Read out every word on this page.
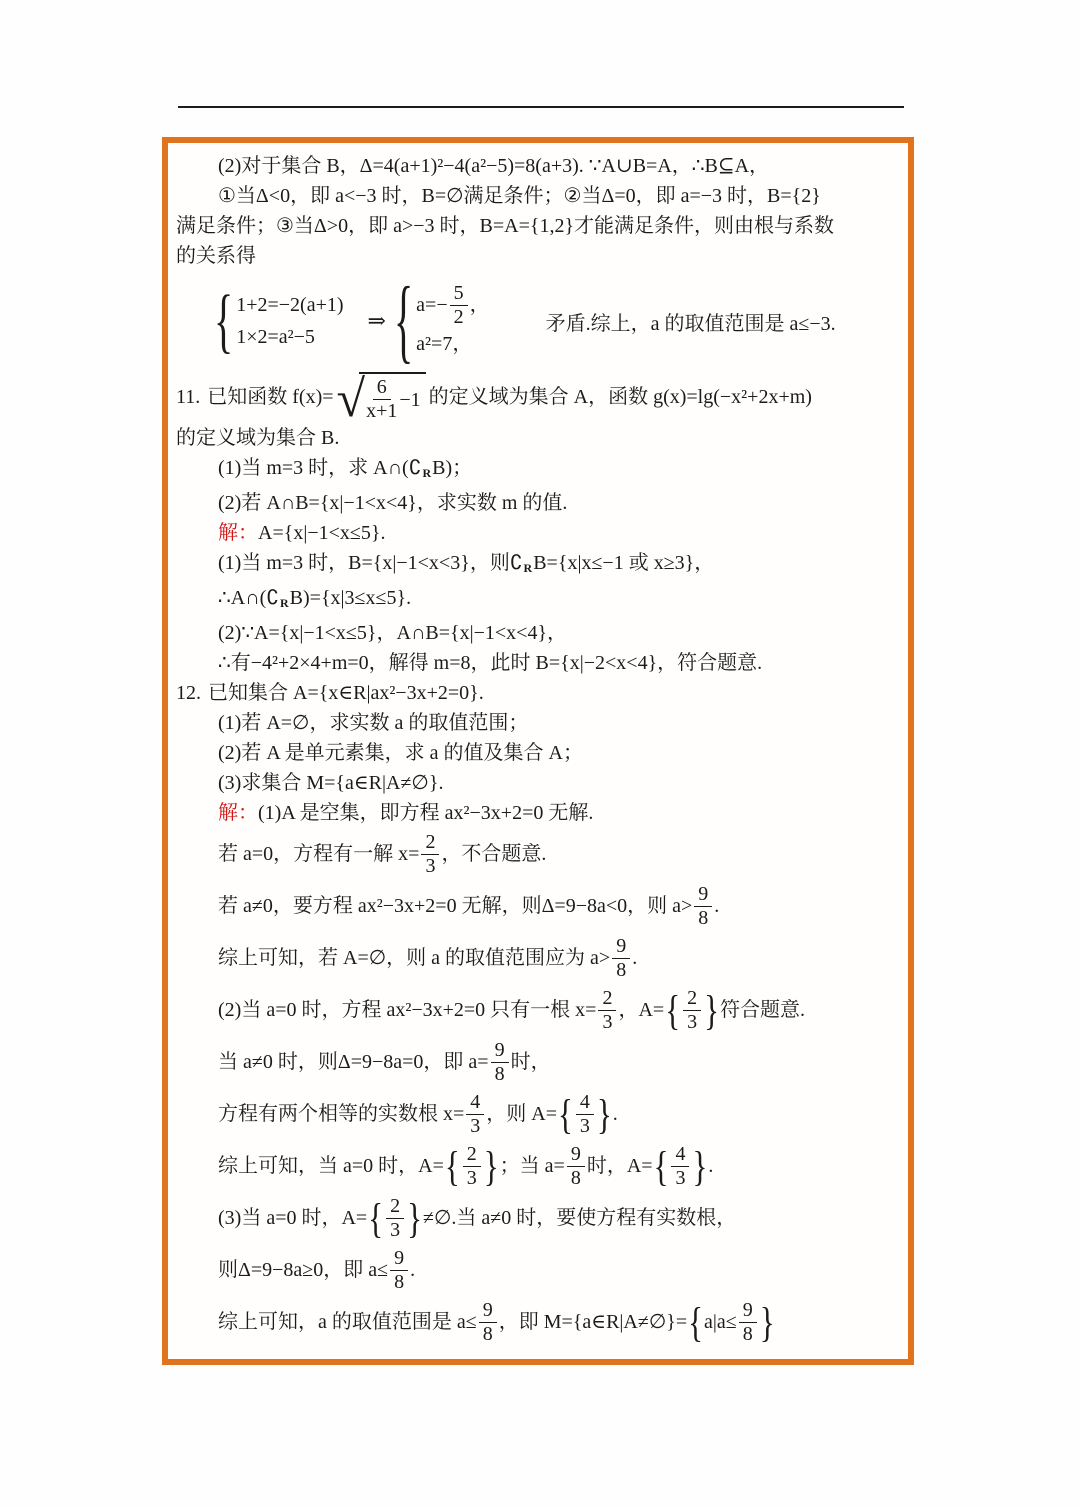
(2)对于集合 B，Δ=4(a+1)²−4(a²−5)=8(a+3). ∵A∪B=A，∴B⊆A，

①当Δ<0，即 a<−3 时，B=∅满足条件；②当Δ=0，即 a=−3 时，B={2}

满足条件；③当Δ>0，即 a>−3 时，B=A={1,2}才能满足条件，则由根与系数

的关系得

{ 1+2=−2(a+1)
1×2=a²−5
⇒ { $a=- \frac{5}{2}$ ，
a²=7，
矛盾.综上，a 的取值范围是 a≤−3.
11. 已知函数 f(x)= √ $\frac{6}{x+1} -1$ 的定义域为集合 A，函数 g(x)=lg(−x²+2x+m)

的定义域为集合 B.

(1)当 m=3 时，求 $A\cap(∁_RB)$；

(2)若 A∩B={x|−1<x<4}，求实数 m 的值.

解：A={x|−1<x≤5}.

(1)当 m=3 时，B={x|−1<x<3}，则$∁_RB=\{x|x\le-1$ 或 x≥3}，

$\therefore A\cap(∁_RB)=\{x|3\le x\le 5\}$.

(2)∵A={x|−1<x≤5}，A∩B={x|−1<x<4}，

∴有−4²+2×4+m=0，解得 m=8，此时 B={x|−2<x<4}，符合题意.

12. 已知集合 A={x∈R|ax²−3x+2=0}.

(1)若 A=∅，求实数 a 的取值范围；

(2)若 A 是单元素集，求 a 的值及集合 A；

(3)求集合 M={a∈R|A≠∅}.

解：(1)A 是空集，即方程 ax²−3x+2=0 无解.

若 a=0，方程有一解 $x= \frac{2}{3}$ ，不合题意.
若 a≠0，要方程 ax²−3x+2=0 无解，则Δ=9−8a<0，则 $a> \frac{9}{8}$ .
综上可知，若 A=∅，则 a 的取值范围应为 $a> \frac{9}{8}$ .
(2)当 a=0 时，方程 ax²−3x+2=0 只有一根 $x= \frac{2}{3}$ ，A= { $\frac{2}{3}$ } 符合题意.
当 a≠0 时，则Δ=9−8a=0，即 $a= \frac{9}{8}$ 时，
方程有两个相等的实数根 $x= \frac{4}{3}$ ，则 A= { $\frac{4}{3}$ } .
综上可知，当 a=0 时，A= { $\frac{2}{3}$ } ；当 $a= \frac{9}{8}$ 时，A= { $\frac{4}{3}$ } .
(3)当 a=0 时，A= { $\frac{2}{3}$ } ≠∅.当 a≠0 时，要使方程有实数根，
则Δ=9−8a≥0，即 $a\le \frac{9}{8}$ .
综上可知，a 的取值范围是 $a\le \frac{9}{8}$ ，即 M={a∈R|A≠∅}= { $a|a\le \frac{9}{8}$ }
